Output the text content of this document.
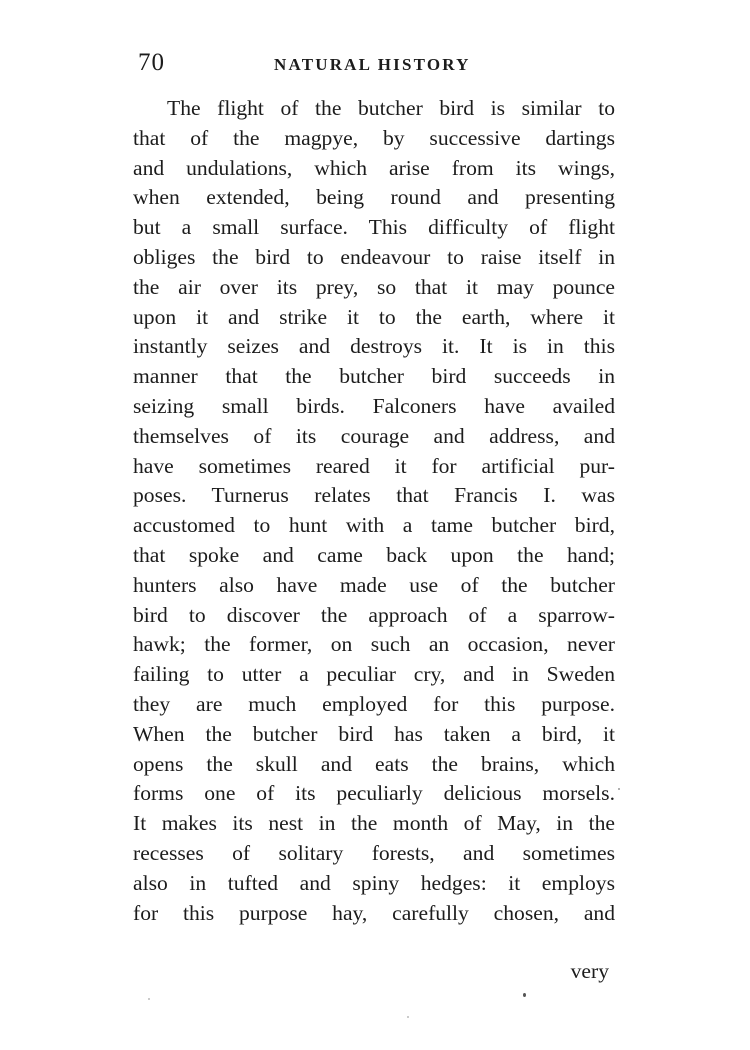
70	NATURAL HISTORY
The flight of the butcher bird is similar to
that of the magpye, by successive dartings
and undulations, which arise from its wings,
when extended, being round and presenting
but a small surface. This difficulty of flight
obliges the bird to endeavour to raise itself in
the air over its prey, so that it may pounce
upon it and strike it to the earth, where it
instantly seizes and destroys it. It is in this
manner that the butcher bird succeeds in
seizing small birds. Falconers have availed
themselves of its courage and address, and
have sometimes reared it for artificial pur-
poses. Turnerus relates that Francis I. was
accustomed to hunt with a tame butcher bird,
that spoke and came back upon the hand;
hunters also have made use of the butcher
bird to discover the approach of a sparrow-
hawk; the former, on such an occasion, never
failing to utter a peculiar cry, and in Sweden
they are much employed for this purpose.
When the butcher bird has taken a bird, it
opens the skull and eats the brains, which
forms one of its peculiarly delicious morsels.
It makes its nest in the month of May, in the
recesses of solitary forests, and sometimes
also in tufted and spiny hedges: it employs
for this purpose hay, carefully chosen, and
very
